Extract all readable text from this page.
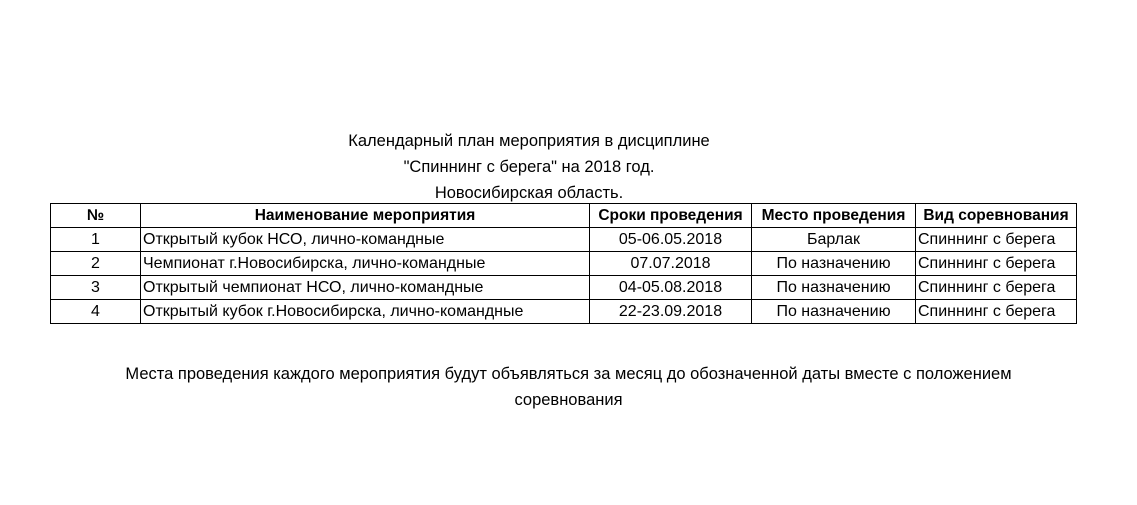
Календарный план мероприятия в дисциплине
"Спиннинг с берега" на 2018 год.
Новосибирская область.
№	Наименование мероприятия	Сроки проведения	Место проведения	Вид соревнования
1	Открытый кубок НСО, лично-командные	05-06.05.2018	Барлак	Спиннинг с берега
2	Чемпионат г.Новосибирска, лично-командные	07.07.2018	По назначению	Спиннинг с берега
3	Открытый чемпионат НСО, лично-командные	04-05.08.2018	По назначению	Спиннинг с берега
4	Открытый кубок г.Новосибирска, лично-командные	22-23.09.2018	По назначению	Спиннинг с берега
Места проведения каждого мероприятия будут объявляться за месяц до обозначенной даты вместе с положением
соревнования
